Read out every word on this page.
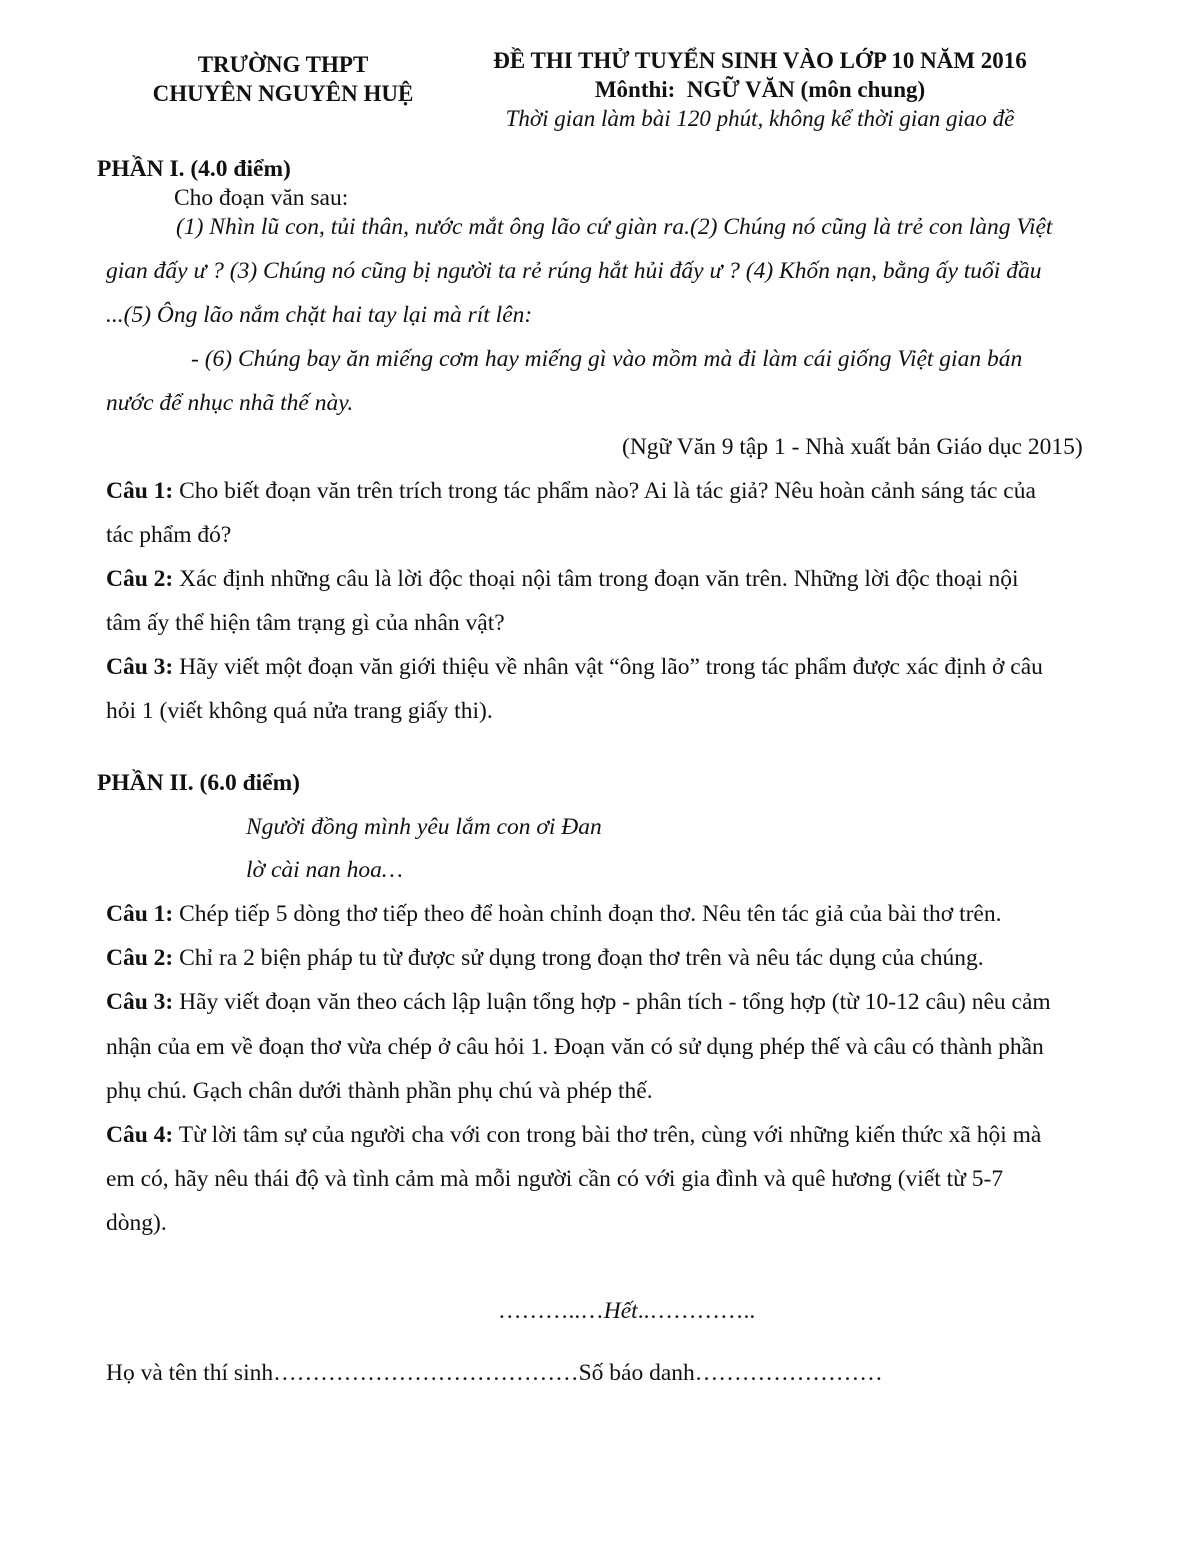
TRƯỜNG THPT
CHUYÊN NGUYÊN HUỆ
ĐỀ THI THỬ TUYỂN SINH VÀO LỚP 10 NĂM 2016
Mônthi: NGỮ VĂN (môn chung)
Thời gian làm bài 120 phút, không kể thời gian giao đề
PHẦN I. (4.0 điểm)
Cho đoạn văn sau:
(1) Nhìn lũ con, tủi thân, nước mắt ông lão cứ giàn ra.(2) Chúng nó cũng là trẻ con làng Việt
gian đấy ư ? (3) Chúng nó cũng bị người ta rẻ rúng hắt hủi đấy ư ? (4) Khốn nạn, bằng ấy tuổi đầu
...(5) Ông lão nắm chặt hai tay lại mà rít lên:
- (6) Chúng bay ăn miếng cơm hay miếng gì vào mồm mà đi làm cái giống Việt gian bán
nước để nhục nhã thế này.
(Ngữ Văn 9 tập 1 - Nhà xuất bản Giáo dục 2015)
Câu 1: Cho biết đoạn văn trên trích trong tác phẩm nào? Ai là tác giả? Nêu hoàn cảnh sáng tác của
tác phẩm đó?
Câu 2: Xác định những câu là lời độc thoại nội tâm trong đoạn văn trên. Những lời độc thoại nội
tâm ấy thể hiện tâm trạng gì của nhân vật?
Câu 3: Hãy viết một đoạn văn giới thiệu về nhân vật “ông lão” trong tác phẩm được xác định ở câu
hỏi 1 (viết không quá nửa trang giấy thi).
PHẦN II. (6.0 điểm)
Người đồng mình yêu lắm con ơi Đan
lờ cài nan hoa…
Câu 1: Chép tiếp 5 dòng thơ tiếp theo để hoàn chỉnh đoạn thơ. Nêu tên tác giả của bài thơ trên.
Câu 2: Chỉ ra 2 biện pháp tu từ được sử dụng trong đoạn thơ trên và nêu tác dụng của chúng.
Câu 3: Hãy viết đoạn văn theo cách lập luận tổng hợp - phân tích - tổng hợp (từ 10-12 câu) nêu cảm
nhận của em về đoạn thơ vừa chép ở câu hỏi 1. Đoạn văn có sử dụng phép thế và câu có thành phần
phụ chú. Gạch chân dưới thành phần phụ chú và phép thế.
Câu 4: Từ lời tâm sự của người cha với con trong bài thơ trên, cùng với những kiến thức xã hội mà
em có, hãy nêu thái độ và tình cảm mà mỗi người cần có với gia đình và quê hương (viết từ 5-7
dòng).
………..…Hết..…………..
Họ và tên thí sinh…………………………………Số báo danh……………………
